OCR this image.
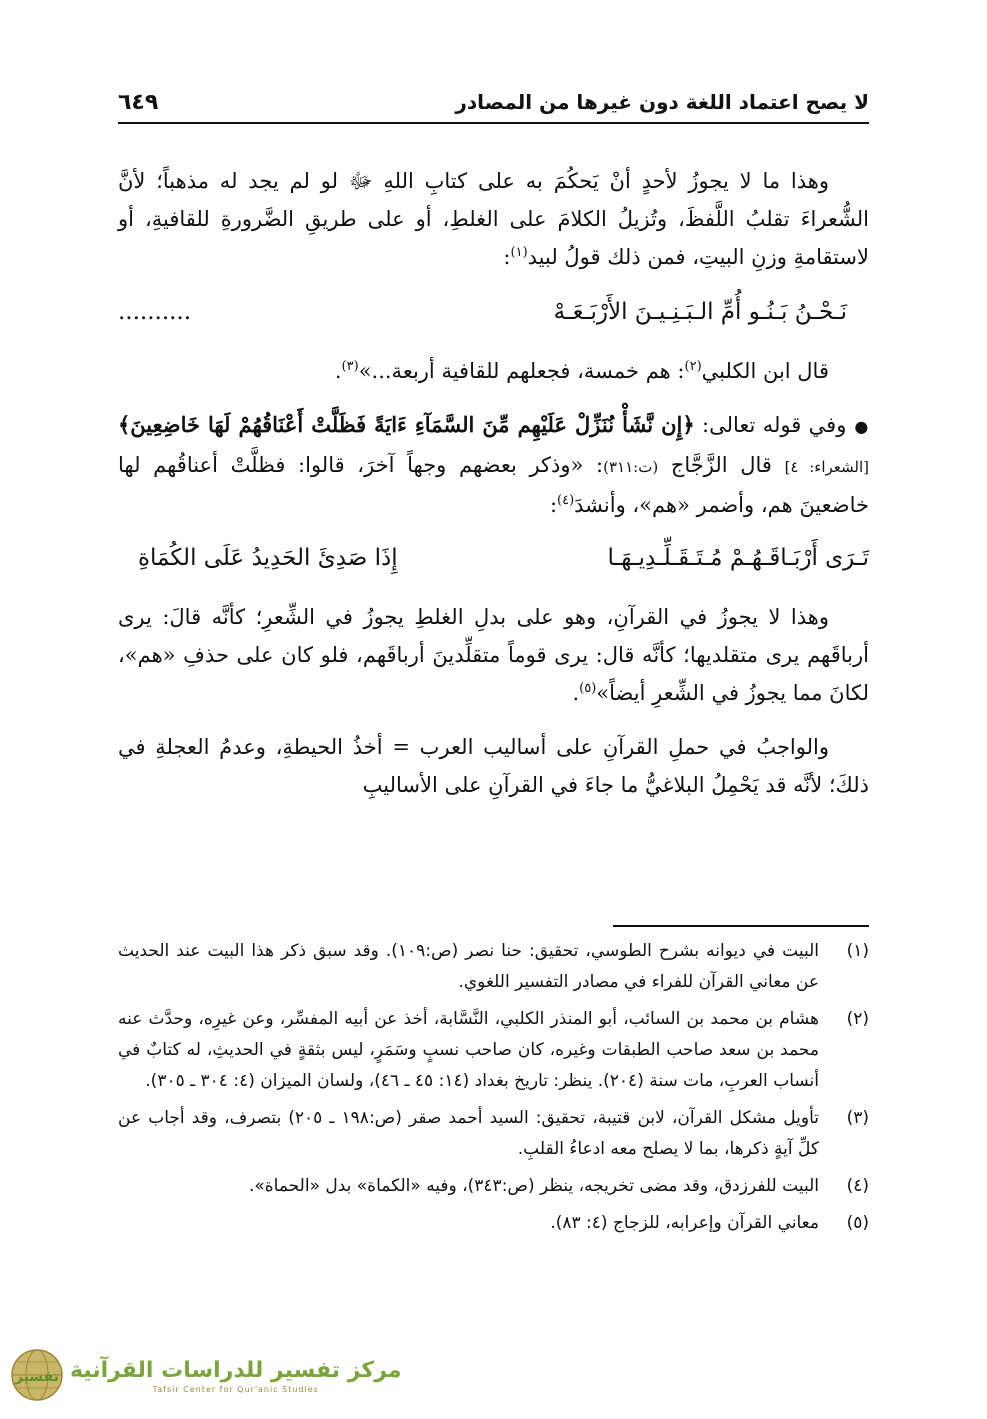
لا يصح اعتماد اللغة دون غيرها من المصادر
٦٤٩

وهذا ما لا يجوزُ لأحدٍ أنْ يَحكُمَ به على كتابِ اللهِ ﷻ لو لم يجد له مذهباً؛ لأنَّ الشُّعراءَ تقلبُ اللَّفظَ، وتُزيلُ الكلامَ على الغلطِ، أو على طريقِ الضَّرورةِ للقافيةِ، أو لاستقامةِ وزنِ البيتِ، فمن ذلك قولُ لبيد$^{(١)}$:

نَـحْـنُ بَـنُـو أُمِّ الـبَـنِـيـنَ الأَرْبَـعَـهْ
..........

قال ابن الكلبي$^{(٢)}$: هم خمسة، فجعلهم للقافية أربعة...»$^{(٣)}$.

●وفي قوله تعالى: ﴿إِن نَّشَأْ نُنَزِّلْ عَلَيْهِم مِّنَ السَّمَآءِ ءَايَةً فَظَلَّتْ أَعْنَاقُهُمْ لَهَا خَاضِعِينَ﴾ [الشعراء: ٤] قال الزَّجَّاج (ت:٣١١): «وذكر بعضهم وجهاً آخرَ، قالوا: فظلَّتْ أعناقُهم لها خاضعينَ هم، وأضمر «هم»، وأنشدَ$^{(٤)}$:

تَـرَى أَرْبَـاقَـهُـمْ مُـتَـقَـلِّـدِيـهَـا
إِذَا صَدِئَ الحَدِيدُ عَلَى الكُمَاةِ

وهذا لا يجوزُ في القرآنِ، وهو على بدلِ الغلطِ يجوزُ في الشِّعرِ؛ كأنَّه قالَ: يرى أرباقَهم يرى متقلديها؛ كأنَّه قال: يرى قوماً متقلِّدينَ أرباقَهم، فلو كان على حذفِ «هم»، لكانَ مما يجوزُ في الشِّعرِ أيضاً»$^{(٥)}$.

والواجبُ في حملِ القرآنِ على أساليب العرب = أخذُ الحيطةِ، وعدمُ العجلةِ في ذلكَ؛ لأنَّه قد يَحْمِلُ البلاغيُّ ما جاءَ في القرآنِ على الأساليبِ

(١)
البيت في ديوانه بشرح الطوسي، تحقيق: حنا نصر (ص:١٠٩). وقد سبق ذكر هذا البيت عند الحديث عن معاني القرآن للفراء في مصادر التفسير اللغوي.
(٢)
هشام بن محمد بن السائب، أبو المنذر الكلبي، النَّسَّابة، أخذ عن أبيه المفسِّر، وعن غيرِه، وحدَّث عنه محمد بن سعد صاحب الطبقات وغيره، كان صاحب نسبٍ وسَمَرٍ، ليس بثقةٍ في الحديثِ، له كتابٌ في أنساب العربِ، مات سنة (٢٠٤). ينظر: تاريخ بغداد (١٤: ٤٥ ـ ٤٦)، ولسان الميزان (٤: ٣٠٤ ـ ٣٠٥).
(٣)
تأويل مشكل القرآن، لابن قتيبة، تحقيق: السيد أحمد صقر (ص:١٩٨ ـ ٢٠٥) بتصرف، وقد أجاب عن كلِّ آيةٍ ذكرها، بما لا يصلح معه ادعاءُ القلبِ.
(٤)
البيت للفرزدق، وقد مضى تخريجه، ينظر (ص:٣٤٣)، وفيه «الكماة» بدل «الحماة».
(٥)
معاني القرآن وإعرابه، للزجاج (٤: ٨٣).
تفسير مركز تفسير للدراسات القرآنية
Tafsir Center for Qur'anic Studies
